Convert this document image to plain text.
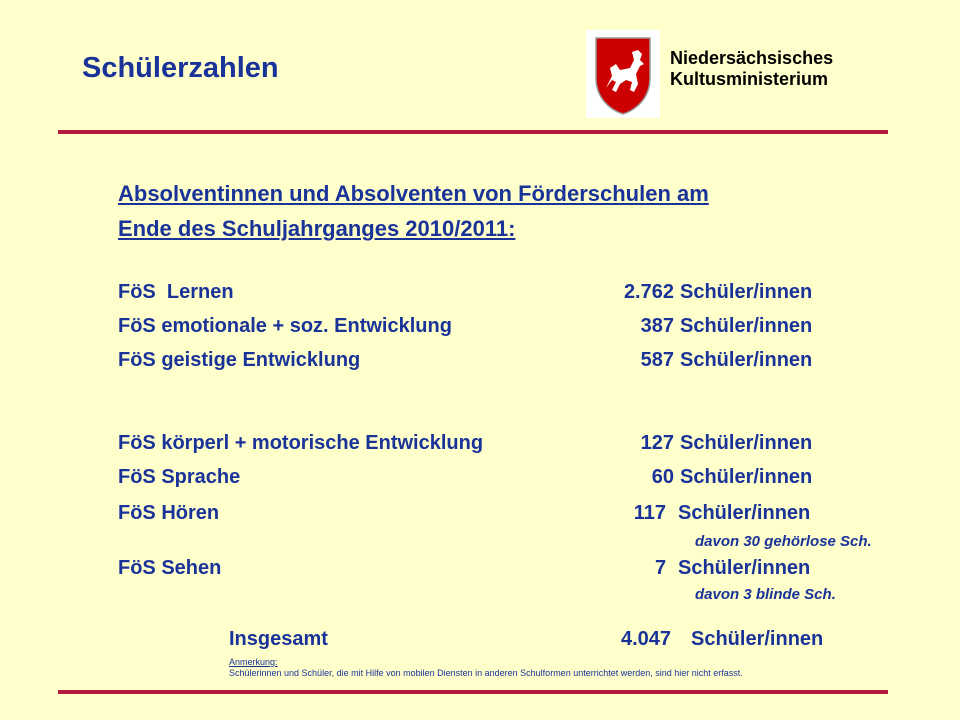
Schülerzahlen	Niedersächsisches
Kultusministerium
Absolventinnen und Absolventen von Förderschulen am
Ende des Schuljahrganges 2010/2011:
FöS  Lernen	2.762 Schüler/innen
FöS emotionale + soz. Entwicklung	387 Schüler/innen
FöS geistige Entwicklung	587 Schüler/innen
FöS körperl + motorische Entwicklung	127 Schüler/innen
FöS Sprache	60 Schüler/innen
FöS Hören	117 Schüler/innen
davon 30 gehörlose Sch.
FöS Sehen	7 Schüler/innen
davon 3 blinde Sch.
Insgesamt	4.047 Schüler/innen
Anmerkung:
Schülerinnen und Schüler, die mit Hilfe von mobilen Diensten in anderen Schulformen unterrichtet werden, sind hier nicht erfasst.
